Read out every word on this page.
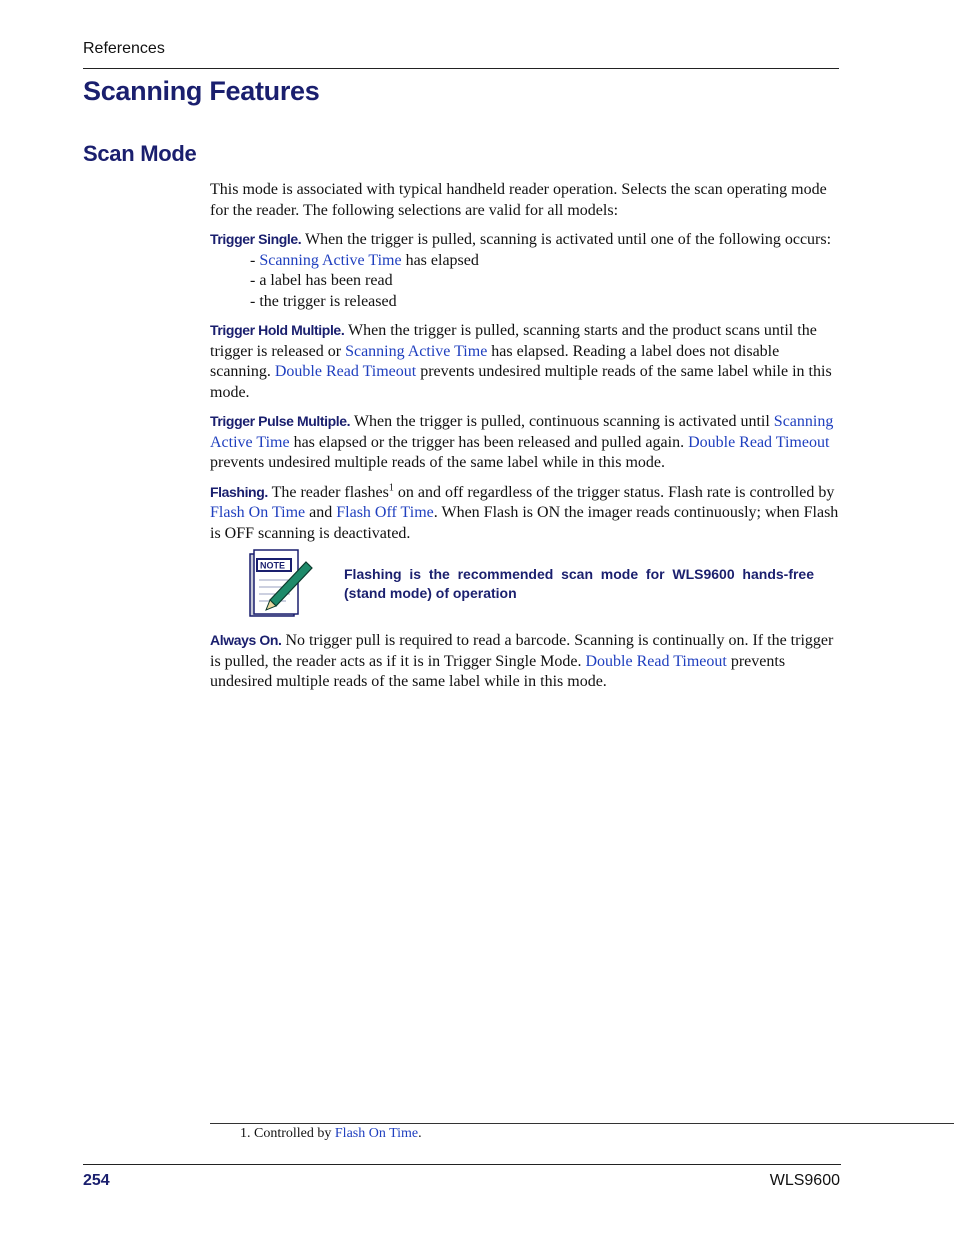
References
Scanning Features
Scan Mode

This mode is associated with typical handheld reader operation. Selects the scan operating mode for the reader. The following selections are valid for all models:

Trigger Single. When the trigger is pulled, scanning is activated until one of the following occurs:

- Scanning Active Time has elapsed
- a label has been read
- the trigger is released

Trigger Hold Multiple. When the trigger is pulled, scanning starts and the product scans until the trigger is released or Scanning Active Time has elapsed. Reading a label does not disable scanning. Double Read Timeout prevents undesired multiple reads of the same label while in this mode.

Trigger Pulse Multiple. When the trigger is pulled, continuous scanning is activated until Scanning Active Time has elapsed or the trigger has been released and pulled again. Double Read Timeout prevents undesired multiple reads of the same label while in this mode.

Flashing. The reader flashes$^1$ on and off regardless of the trigger status. Flash rate is controlled by Flash On Time and Flash Off Time. When Flash is ON the imager reads continuously; when Flash is OFF scanning is deactivated.

NOTE
Flashing is the recommended scan mode for WLS9600 hands-free (stand mode) of operation

Always On. No trigger pull is required to read a barcode. Scanning is continually on. If the trigger is pulled, the reader acts as if it is in Trigger Single Mode. Double Read Timeout prevents undesired multiple reads of the same label while in this mode.

1. Controlled by Flash On Time.
254	WLS9600
